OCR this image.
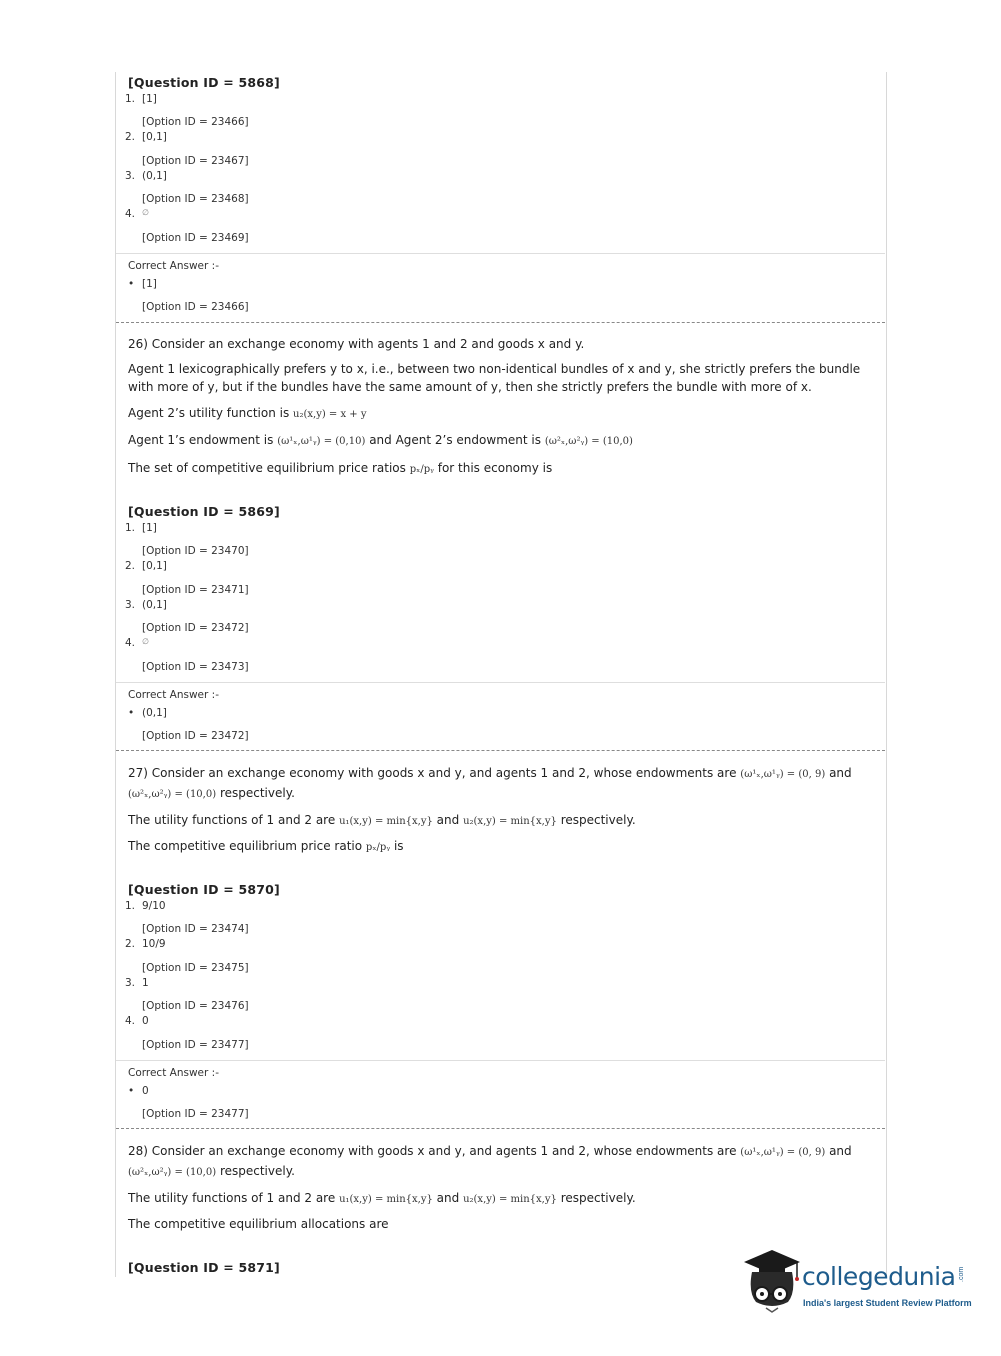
[Question ID = 5868]
1. [1]
[Option ID = 23466]
2. [0,1]
[Option ID = 23467]
3. (0,1]
[Option ID = 23468]
4. ∅
[Option ID = 23469]
Correct Answer :-
• [1]
[Option ID = 23466]
26) Consider an exchange economy with agents 1 and 2 and goods x and y.
Agent 1 lexicographically prefers y to x, i.e., between two non-identical bundles of x and y, she strictly prefers the bundle
with more of y, but if the bundles have the same amount of y, then she strictly prefers the bundle with more of x.
Agent 2’s utility function is u₂(x,y) = x + y
Agent 1’s endowment is (ω¹ₓ,ω¹ᵧ) = (0,10) and Agent 2’s endowment is (ω²ₓ,ω²ᵧ) = (10,0)
The set of competitive equilibrium price ratios pₓ/pᵧ for this economy is
[Question ID = 5869]
1. [1]
[Option ID = 23470]
2. [0,1]
[Option ID = 23471]
3. (0,1]
[Option ID = 23472]
4. ∅
[Option ID = 23473]
Correct Answer :-
• (0,1]
[Option ID = 23472]
27) Consider an exchange economy with goods x and y, and agents 1 and 2, whose endowments are (ω¹ₓ,ω¹ᵧ) = (0, 9) and
(ω²ₓ,ω²ᵧ) = (10,0) respectively.
The utility functions of 1 and 2 are u₁(x,y) = min{x,y} and u₂(x,y) = min{x,y} respectively.
The competitive equilibrium price ratio pₓ/pᵧ is
[Question ID = 5870]
1. 9/10
[Option ID = 23474]
2. 10/9
[Option ID = 23475]
3. 1
[Option ID = 23476]
4. 0
[Option ID = 23477]
Correct Answer :-
• 0
[Option ID = 23477]
28) Consider an exchange economy with goods x and y, and agents 1 and 2, whose endowments are (ω¹ₓ,ω¹ᵧ) = (0, 9) and
(ω²ₓ,ω²ᵧ) = (10,0) respectively.
The utility functions of 1 and 2 are u₁(x,y) = min{x,y} and u₂(x,y) = min{x,y} respectively.
The competitive equilibrium allocations are
[Question ID = 5871]	collegedunia .com
India's largest Student Review Platform
